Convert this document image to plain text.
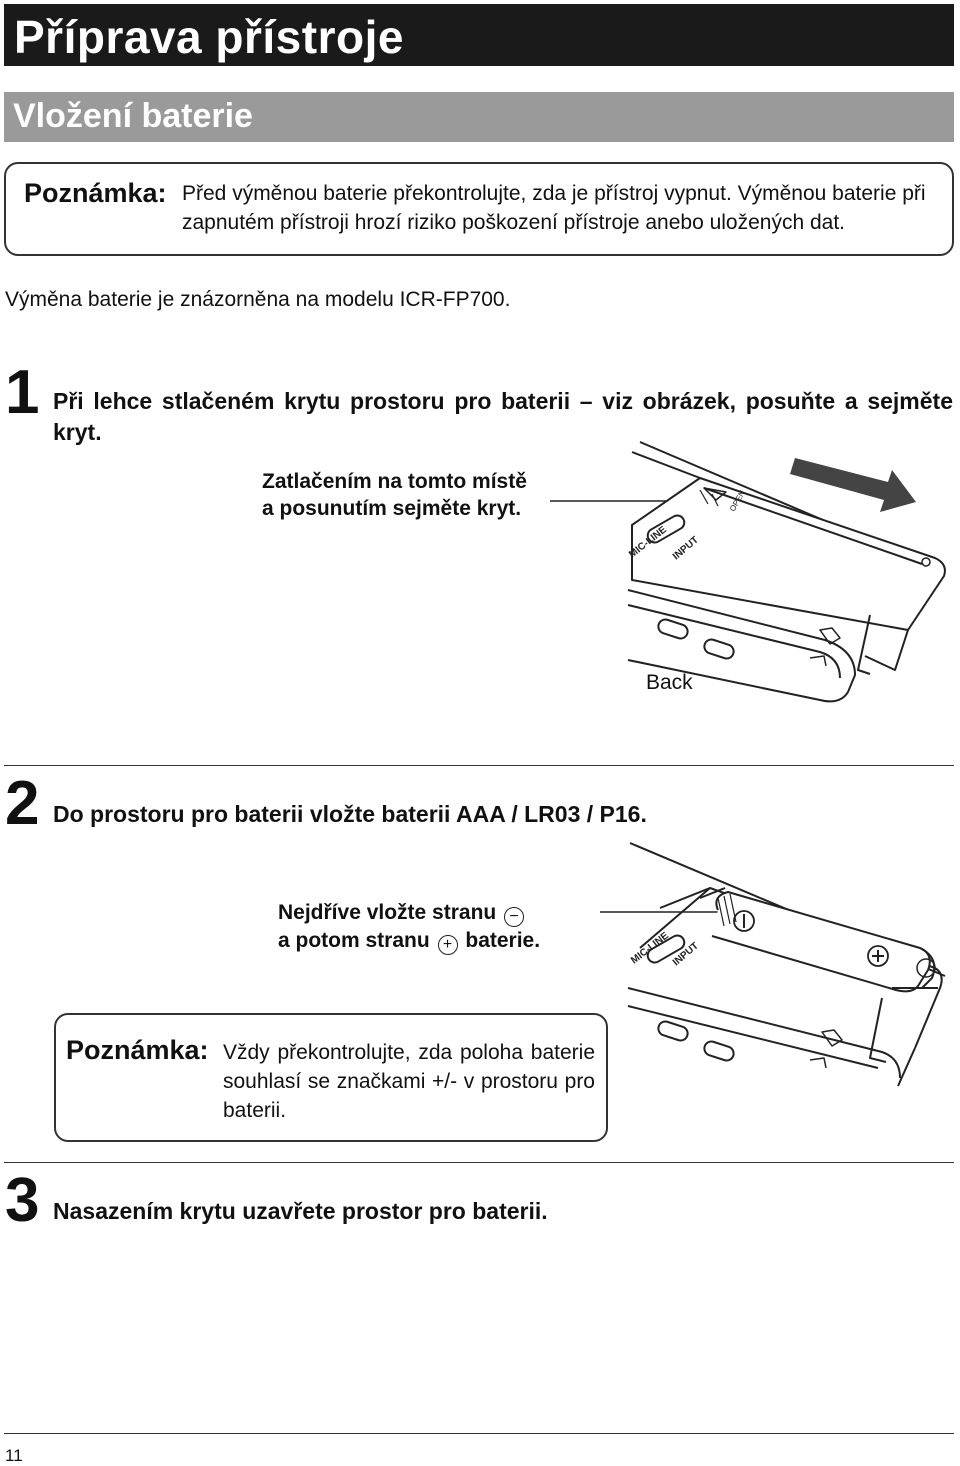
Příprava přístroje
Vložení baterie
Poznámka: Před výměnou baterie překontrolujte, zda je přístroj vypnut. Výměnou baterie při zapnutém přístroji hrozí riziko poškození přístroje anebo uložených dat.
Výměna baterie je znázorněna na modelu ICR-FP700.
1 Při lehce stlačeném krytu prostoru pro baterii – viz obrázek, posuňte a sejměte kryt.
Zatlačením na tomto místě
a posunutím sejměte kryt.
MIC-LINE INPUT
OPEN
Back
2 Do prostoru pro baterii vložte baterii AAA / LR03 / P16.
Nejdříve vložte stranu −
a potom stranu + baterie.	MIC-LINE INPUT
Poznámka: Vždy překontrolujte, zda poloha baterie souhlasí se značkami +/- v prostoru pro baterii.
3 Nasazením krytu uzavřete prostor pro baterii.
11
